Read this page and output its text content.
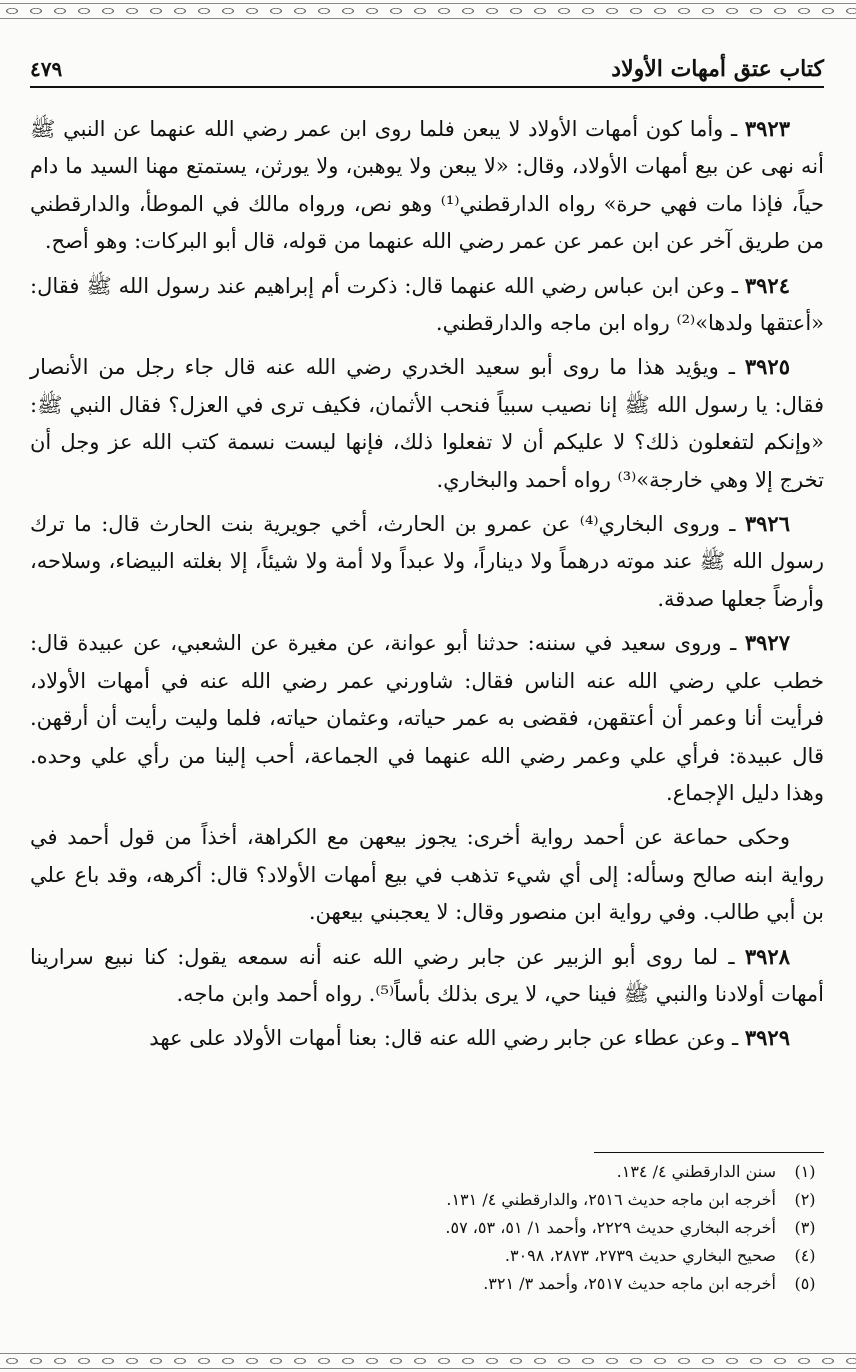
كتاب عتق أمهات الأولاد
٤٧٩

٣٩٢٣ ـ وأما كون أمهات الأولاد لا يبعن فلما روى ابن عمر رضي الله عنهما عن النبي ﷺ أنه نهى عن بيع أمهات الأولاد، وقال: «لا يبعن ولا يوهبن، ولا يورثن، يستمتع مهنا السيد ما دام حياً، فإذا مات فهي حرة» رواه الدارقطني⁽¹⁾ وهو نص، ورواه مالك في الموطأ، والدارقطني من طريق آخر عن ابن عمر عن عمر رضي الله عنهما من قوله، قال أبو البركات: وهو أصح.

٣٩٢٤ ـ وعن ابن عباس رضي الله عنهما قال: ذكرت أم إبراهيم عند رسول الله ﷺ فقال: «أعتقها ولدها»⁽²⁾ رواه ابن ماجه والدارقطني.

٣٩٢٥ ـ ويؤيد هذا ما روى أبو سعيد الخدري رضي الله عنه قال جاء رجل من الأنصار فقال: يا رسول الله ﷺ إنا نصيب سبياً فنحب الأثمان، فكيف ترى في العزل؟ فقال النبي ﷺ: «وإنكم لتفعلون ذلك؟ لا عليكم أن لا تفعلوا ذلك، فإنها ليست نسمة كتب الله عز وجل أن تخرج إلا وهي خارجة»⁽³⁾ رواه أحمد والبخاري.

٣٩٢٦ ـ وروى البخاري⁽⁴⁾ عن عمرو بن الحارث، أخي جويرية بنت الحارث قال: ما ترك رسول الله ﷺ عند موته درهماً ولا ديناراً، ولا عبداً ولا أمة ولا شيئاً، إلا بغلته البيضاء، وسلاحه، وأرضاً جعلها صدقة.

٣٩٢٧ ـ وروى سعيد في سننه: حدثنا أبو عوانة، عن مغيرة عن الشعبي، عن عبيدة قال: خطب علي رضي الله عنه الناس فقال: شاورني عمر رضي الله عنه في أمهات الأولاد، فرأيت أنا وعمر أن أعتقهن، فقضى به عمر حياته، وعثمان حياته، فلما وليت رأيت أن أرقهن. قال عبيدة: فرأي علي وعمر رضي الله عنهما في الجماعة، أحب إلينا من رأي علي وحده. وهذا دليل الإجماع.

وحكى حماعة عن أحمد رواية أخرى: يجوز بيعهن مع الكراهة، أخذاً من قول أحمد في رواية ابنه صالح وسأله: إلى أي شيء تذهب في بيع أمهات الأولاد؟ قال: أكرهه، وقد باع علي بن أبي طالب. وفي رواية ابن منصور وقال: لا يعجبني بيعهن.

٣٩٢٨ ـ لما روى أبو الزبير عن جابر رضي الله عنه أنه سمعه يقول: كنا نبيع سرارينا أمهات أولادنا والنبي ﷺ فينا حي، لا يرى بذلك بأساً⁽⁵⁾. رواه أحمد وابن ماجه.

٣٩٢٩ ـ وعن عطاء عن جابر رضي الله عنه قال: بعنا أمهات الأولاد على عهد

(١)
سنن الدارقطني ٤/ ١٣٤.
(٢)
أخرجه ابن ماجه حديث ٢٥١٦، والدارقطني ٤/ ١٣١.
(٣)
أخرجه البخاري حديث ٢٢٢٩، وأحمد ١/ ٥١، ٥٣، ٥٧.
(٤)
صحيح البخاري حديث ٢٧٣٩، ٢٨٧٣، ٣٠٩٨.
(٥)
أخرجه ابن ماجه حديث ٢٥١٧، وأحمد ٣/ ٣٢١.
